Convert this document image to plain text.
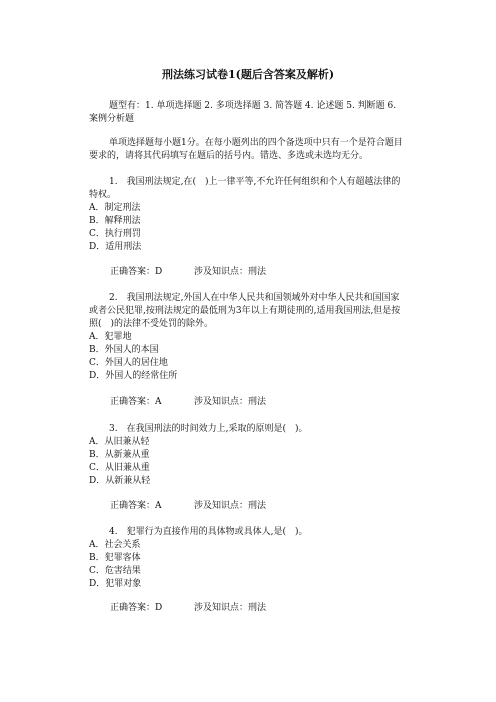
刑法练习试卷1(题后含答案及解析)
题型有：1. 单项选择题 2. 多项选择题 3. 简答题 4. 论述题 5. 判断题 6. 案例分析题
单项选择题每小题1分。在每小题列出的四个备选项中只有一个是符合题目要求的，请将其代码填写在题后的括号内。错选、多选或未选均无分。

1.　我国刑法规定,在(　)上一律平等,不允许任何组织和个人有超越法律的特权。

A．制定刑法

B．解释刑法

C．执行刑罚

D．适用刑法

正确答案：D	涉及知识点：刑法

2.　我国刑法规定,外国人在中华人民共和国领域外对中华人民共和国国家或者公民犯罪,按刑法规定的最低刑为3年以上有期徒刑的,适用我国刑法,但是按照(　)的法律不受处罚的除外。

A．犯罪地

B．外国人的本国

C．外国人的居住地

D．外国人的经常住所

正确答案：A	涉及知识点：刑法

3.　在我国刑法的时间效力上,采取的原则是(　)。

A．从旧兼从轻

B．从新兼从重

C．从旧兼从重

D．从新兼从轻

正确答案：A	涉及知识点：刑法

4.　犯罪行为直接作用的具体物或具体人,是(　)。

A．社会关系

B．犯罪客体

C．危害结果

D．犯罪对象

正确答案：D	涉及知识点：刑法
